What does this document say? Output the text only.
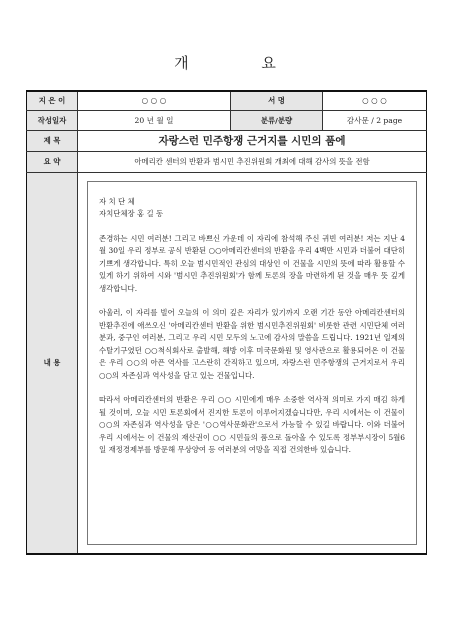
개 요
지 은 이	○ ○ ○	서 명	○ ○ ○
작성일자	20 년 월 일	분류/분량	감사문 / 2 page
제 목	자랑스런 민주항쟁 근거지를 시민의 품에		
요 약	아메리칸 센터의 반환과 범시민 추진위원회 개최에 대해 감사의 뜻을 전함		
내 용	자 치 단 체

자치단체장 홍 길 동

존경하는 시민 여러분! 그리고 바쁘신 가운데 이 자리에 참석해 주신 귀빈 여러분! 저는 지난 4월 30일 우리 정부로 공식 반환된 ○○아메리칸센터의 반환을 우리 4백만 시민과 더불어 대단히 기쁘게 생각합니다. 특히 오늘 범시민적인 관심의 대상인 이 건물을 시민의 뜻에 따라 활용할 수 있게 하기 위하여 시와 '범시민 추진위원회'가 함께 토론의 장을 마련하게 된 것을 매우 뜻 깊게 생각합니다.

아울러, 이 자리를 빌어 오늘의 이 의미 깊은 자리가 있기까지 오랜 기간 동안 아메리칸센터의 반환추진에 애쓰오신 '아메리칸센터 반환을 위한 범시민추진위원회' 비롯한 관련 시민단체 여러분과, 중구인 여러분, 그리고 우리 시민 모두의 노고에 감사의 말씀을 드립니다. 1921년 일제의 수탈기구였던 ○○척식회사로 출발해, 해방 이후 미국문화원 및 영사관으로 활용되어온 이 건물은 우리 ○○의 아픈 역사를 고스란히 간직하고 있으며, 자랑스런 민주항쟁의 근거지로서 우리 ○○의 자존심과 역사성을 담고 있는 건물입니다.

따라서 아메리칸센터의 반환은 우리 ○○ 시민에게 매우 소중한 역사적 의미로 가지 매김 하게 될 것이며, 오늘 시민 토론회에서 진지한 토론이 이루어지겠습니다만, 우리 시에서는 이 건물이 ○○의 자존심과 역사성을 담은 '○○역사문화관'으로서 가능할 수 있길 바랍니다. 이와 더불어 우리 시에서는 이 건물의 재산권이 ○○ 시민들의 품으로 돌아올 수 있도록 정부부시장이 5월6일 재정경제부를 방문해 무상양여 등 여러분의 여망을 직접 건의한바 있습니다.		
